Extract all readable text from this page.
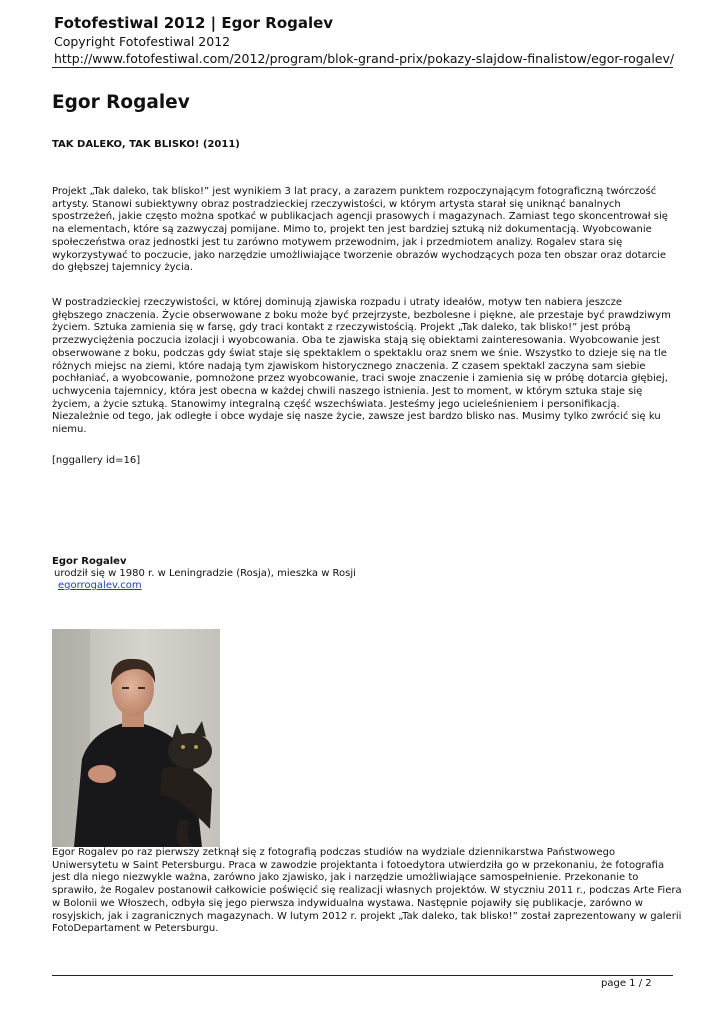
Fotofestiwal 2012 | Egor Rogalev
Copyright Fotofestiwal 2012
http://www.fotofestiwal.com/2012/program/blok-grand-prix/pokazy-slajdow-finalistow/egor-rogalev/
Egor Rogalev
TAK DALEKO, TAK BLISKO! (2011)
Projekt „Tak daleko, tak blisko!” jest wynikiem 3 lat pracy, a zarazem punktem rozpoczynającym fotograficzną twórczość artysty. Stanowi subiektywny obraz postradzieckiej rzeczywistości, w którym artysta starał się uniknąć banalnych spostrzeżeń, jakie często można spotkać w publikacjach agencji prasowych i magazynach. Zamiast tego skoncentrował się na elementach, które są zazwyczaj pomijane. Mimo to, projekt ten jest bardziej sztuką niż dokumentacją. Wyobcowanie społeczeństwa oraz jednostki jest tu zarówno motywem przewodnim, jak i przedmiotem analizy. Rogalev stara się wykorzystywać to poczucie, jako narzędzie umożliwiające tworzenie obrazów wychodzących poza ten obszar oraz dotarcie do głębszej tajemnicy życia.
W postradzieckiej rzeczywistości, w której dominują zjawiska rozpadu i utraty ideałów, motyw ten nabiera jeszcze głębszego znaczenia. Życie obserwowane z boku może być przejrzyste, bezbolesne i piękne, ale przestaje być prawdziwym życiem. Sztuka zamienia się w farsę, gdy traci kontakt z rzeczywistością. Projekt „Tak daleko, tak blisko!” jest próbą przezwyciężenia poczucia izolacji i wyobcowania. Oba te zjawiska stają się obiektami zainteresowania. Wyobcowanie jest obserwowane z boku, podczas gdy świat staje się spektaklem o spektaklu oraz snem we śnie. Wszystko to dzieje się na tle różnych miejsc na ziemi, które nadają tym zjawiskom historycznego znaczenia. Z czasem spektakl zaczyna sam siebie pochłaniać, a wyobcowanie, pomnożone przez wyobcowanie, traci swoje znaczenie i zamienia się w próbę dotarcia głębiej, uchwycenia tajemnicy, która jest obecna w każdej chwili naszego istnienia. Jest to moment, w którym sztuka staje się życiem, a życie sztuką. Stanowimy integralną część wszechświata. Jesteśmy jego ucieleśnieniem i personifikacją. Niezależnie od tego, jak odległe i obce wydaje się nasze życie, zawsze jest bardzo blisko nas. Musimy tylko zwrócić się ku niemu.
[nggallery id=16]
Egor Rogalev
urodził się w 1980 r. w Leningradzie (Rosja), mieszka w Rosji
egorrogalev.com
Egor Rogalev po raz pierwszy zetknął się z fotografią podczas studiów na wydziale dziennikarstwa Państwowego Uniwersytetu w Saint Petersburgu. Praca w zawodzie projektanta i fotoedytora utwierdziła go w przekonaniu, że fotografia jest dla niego niezwykle ważna, zarówno jako zjawisko, jak i narzędzie umożliwiające samospełnienie. Przekonanie to sprawiło, że Rogalev postanowił całkowicie poświęcić się realizacji własnych projektów. W styczniu 2011 r., podczas Arte Fiera w Bolonii we Włoszech, odbyła się jego pierwsza indywidualna wystawa. Następnie pojawiły się publikacje, zarówno w rosyjskich, jak i zagranicznych magazynach. W lutym 2012 r. projekt „Tak daleko, tak blisko!” został zaprezentowany w galerii FotoDepartament w Petersburgu.
page 1 / 2
